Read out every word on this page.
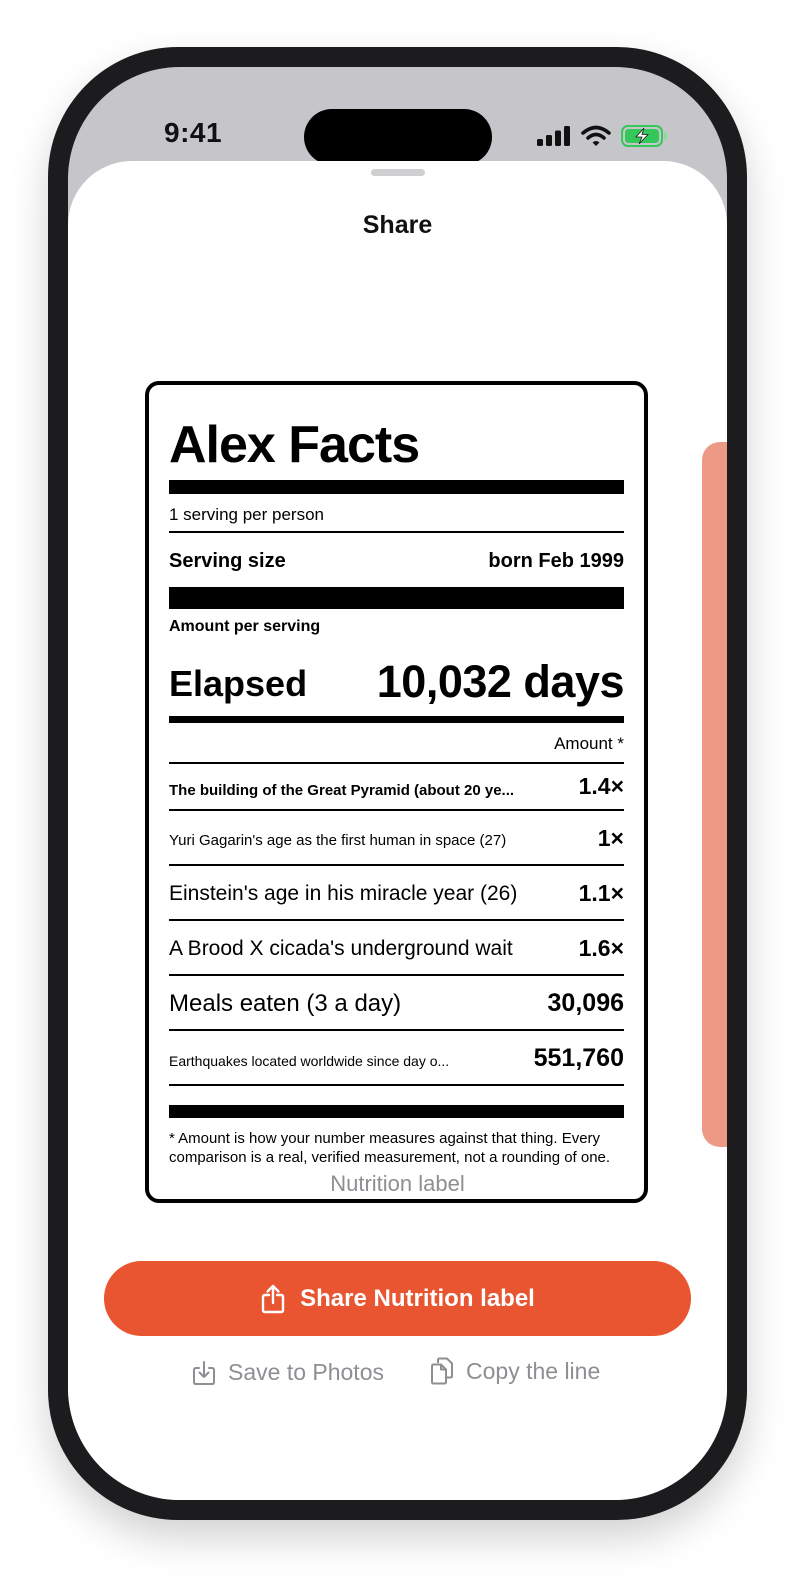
9:41
Share
Alex Facts
1 serving per person
Serving size	born Feb 1999
Amount per serving
Elapsed 10,032 days
Amount *
The building of the Great Pyramid (about 20 ye...	1.4×
Yuri Gagarin's age as the first human in space (27)	1×
Einstein's age in his miracle year (26)	1.1×
A Brood X cicada's underground wait	1.6×
Meals eaten (3 a day)	30,096
Earthquakes located worldwide since day o...	551,760
* Amount is how your number measures against that thing. Every comparison is a real, verified measurement, not a rounding of one.
Nutrition label
Share Nutrition label
Save to Photos	Copy the line
